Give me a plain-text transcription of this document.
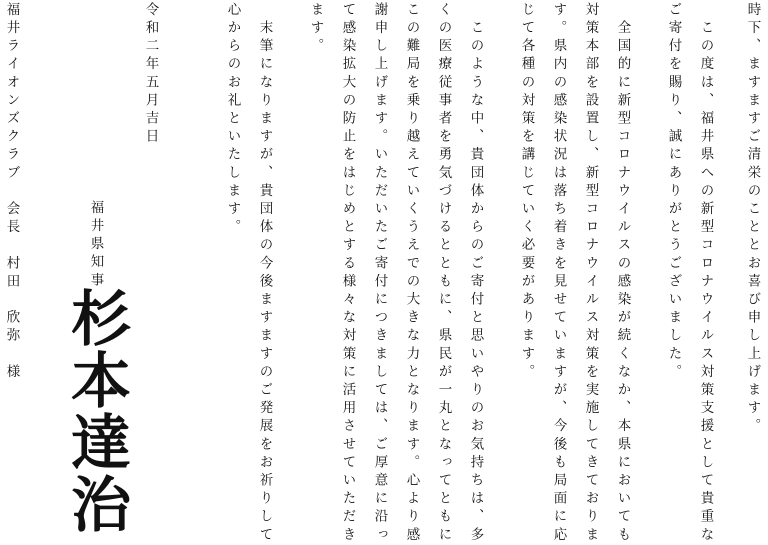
時下、ますますご清栄のこととお喜び申し上げます。

　この度は、福井県への新型コロナウイルス対策支援として貴重な

ご寄付を賜り、誠にありがとうございました。

　全国的に新型コロナウイルスの感染が続くなか、本県においても

対策本部を設置し、新型コロナウイルス対策を実施してきておりま

す。県内の感染状況は落ち着きを見せていますが、今後も局面に応

じて各種の対策を講じていく必要があります。

　このような中、貴団体からのご寄付と思いやりのお気持ちは、多

くの医療従事者を勇気づけるとともに、県民が一丸となってともに

この難局を乗り越えていくうえでの大きな力となります。心より感

謝申し上げます。いただいたご寄付につきましては、ご厚意に沿っ

て感染拡大の防止をはじめとする様々な対策に活用させていただき

ます。

　末筆になりますが、貴団体の今後ますますのご発展をお祈りして

心からのお礼といたします。

令和二年五月吉日

福井県知事

杉本達治

福井ライオンズクラブ　会長　村田　欣弥　様
